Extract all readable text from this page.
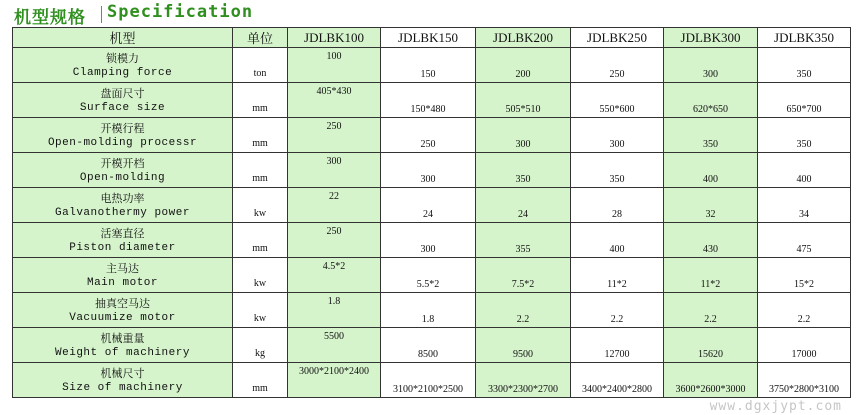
机型规格 Specification
机型	单位	JDLBK100	JDLBK150	JDLBK200	JDLBK250	JDLBK300	JDLBK350

锁模力
Clamping force	ton	100	150	200	250	300	350

盘面尺寸
Surface size	mm	405*430	150*480	505*510	550*600	620*650	650*700

开模行程
Open-molding processr	mm	250	250	300	300	350	350

开模开档
Open-molding	mm	300	300	350	350	400	400

电热功率
Galvanothermy power	kw	22	24	24	28	32	34

活塞直径
Piston diameter	mm	250	300	355	400	430	475

主马达
Main motor	kw	4.5*2	5.5*2	7.5*2	11*2	11*2	15*2

抽真空马达
Vacuumize motor	kw	1.8	1.8	2.2	2.2	2.2	2.2

机械重量
Weight of machinery	kg	5500	8500	9500	12700	15620	17000

机械尺寸
Size of machinery	mm	3000*2100*2400	3100*2100*2500	3300*2300*2700	3400*2400*2800	3600*2600*3000	3750*2800*3100
www.dgxjypt.com
